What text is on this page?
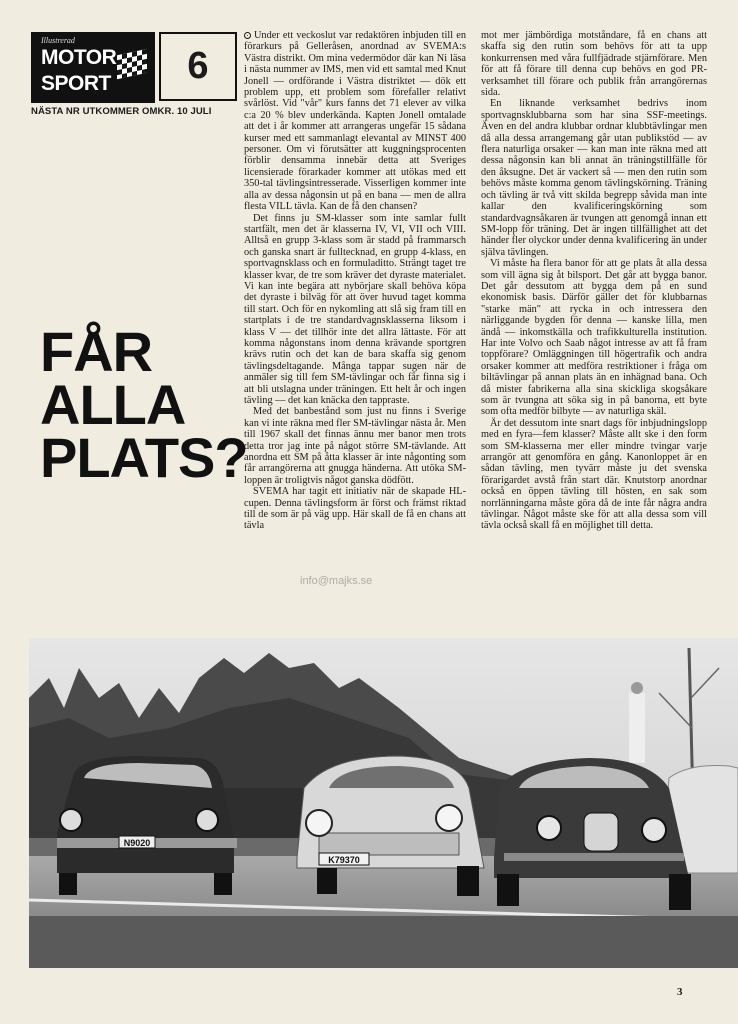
Illustrerad
MOTOR
SPORT	6
NÄSTA NR UTKOMMER OMKR. 10 JULI
FÅR
ALLA
PLATS?

Under ett veckoslut var redaktören inbjuden till en förarkurs på Gelleråsen, anordnad av SVEMA:s Västra distrikt. Om mina vedermödor där kan Ni läsa i nästa nummer av IMS, men vid ett samtal med Knut Jonell — ordförande i Västra distriktet — dök ett problem upp, ett problem som förefaller relativt svårlöst. Vid "vår" kurs fanns det 71 elever av vilka c:a 20 % blev underkända. Kapten Jonell omtalade att det i år kommer att arrangeras ungefär 15 sådana kurser med ett sammanlagt elevantal av MINST 400 personer. Om vi förutsätter att kuggningsprocenten förblir densamma innebär detta att Sveriges licensierade förarkader kommer att utökas med ett 350-tal tävlingsintresserade. Visserligen kommer inte alla av dessa någonsin ut på en bana — men de allra flesta VILL tävla. Kan de få den chansen?

Det finns ju SM-klasser som inte samlar fullt startfält, men det är klasserna IV, VI, VII och VIII. Alltså en grupp 3-klass som är stadd på frammarsch och ganska snart är fulltecknad, en grupp 4-klass, en sportvagnsklass och en formuladitto. Strängt taget tre klasser kvar, de tre som kräver det dyraste materialet. Vi kan inte begära att nybörjare skall behöva köpa det dyraste i bilväg för att över huvud taget komma till start. Och för en nykomling att slå sig fram till en startplats i de tre standardvagnsklasserna liksom i klass V — det tillhör inte det allra lättaste. För att komma någonstans inom denna krävande sportgren krävs rutin och det kan de bara skaffa sig genom tävlingsdeltagande. Många tappar sugen när de anmäler sig till fem SM-tävlingar och får finna sig i att bli utslagna under träningen. Ett helt år och ingen tävling — det kan knäcka den tappraste.

Med det banbestånd som just nu finns i Sverige kan vi inte räkna med fler SM-tävlingar nästa år. Men till 1967 skall det finnas ännu mer banor men trots detta tror jag inte på något större SM-tävlande. Att anordna ett SM på åtta klasser är inte någonting som får arrangörerna att gnugga händerna. Att utöka SM-loppen är troligtvis något ganska dödfött.

SVEMA har tagit ett initiativ när de skapade HL-cupen. Denna tävlingsform är först och främst riktad till de som är på väg upp. Här skall de få en chans att tävla

mot mer jämbördiga motståndare, få en chans att skaffa sig den rutin som behövs för att ta upp konkurrensen med våra fullfjädrade stjärnförare. Men för att få förare till denna cup behövs en god PR-verksamhet till förare och publik från arrangörernas sida.

En liknande verksamhet bedrivs inom sportvagnsklubbarna som har sina SSF-meetings. Även en del andra klubbar ordnar klubbtävlingar men då alla dessa arrangemang går utan publikstöd — av flera naturliga orsaker — kan man inte räkna med att dessa någonsin kan bli annat än träningstillfälle för den åksugne. Det är vackert så — men den rutin som behövs måste komma genom tävlingskörning. Träning och tävling är två vitt skilda begrepp såvida man inte kallar den kvalificeringskörning som standardvagnsåkaren är tvungen att genomgå innan ett SM-lopp för träning. Det är ingen tillfällighet att det händer fler olyckor under denna kvalificering än under själva tävlingen.

Vi måste ha flera banor för att ge plats åt alla dessa som vill ägna sig åt bilsport. Det går att bygga banor. Det går dessutom att bygga dem på en sund ekonomisk basis. Därför gäller det för klubbarnas "starke män" att rycka in och intressera den närliggande bygden för denna — kanske lilla, men ändå — inkomstkälla och trafikkulturella institution. Har inte Volvo och Saab något intresse av att få fram toppförare? Omläggningen till högertrafik och andra orsaker kommer att medföra restriktioner i fråga om biltävlingar på annan plats än en inhägnad bana. Och då mister fabrikerna alla sina skickliga skogsåkare som är tvungna att söka sig in på banorna, ett byte som ofta medför bilbyte — av naturliga skäl.

Är det dessutom inte snart dags för inbjudningslopp med en fyra—fem klasser? Måste allt ske i den form som SM-klasserna mer eller mindre tvingar varje arrangör att genomföra en gång. Kanonloppet är en sådan tävling, men tyvärr måste ju det svenska förarigardet avstå från start där. Knutstorp anordnar också en öppen tävling till hösten, en sak som norrlänningarna måste göra då de inte får några andra tävlingar. Något måste ske för att alla dessa som vill tävla också skall få en möjlighet till detta.

info@majks.se
N9020
K79370
3
